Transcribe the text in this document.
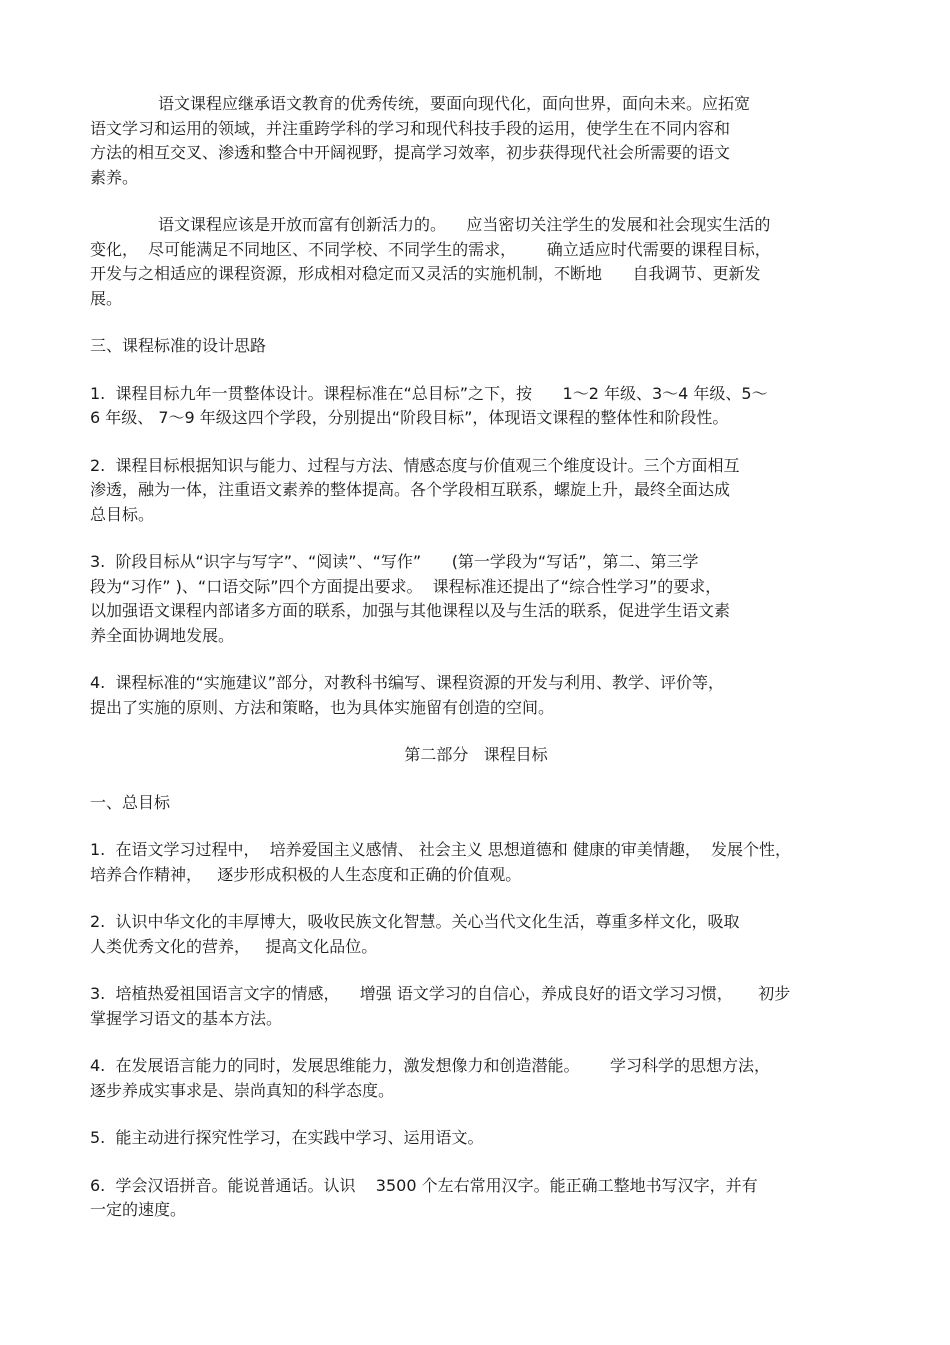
语文课程应继承语文教育的优秀传统，要面向现代化，面向世界，面向未来。应拓宽
语文学习和运用的领域，并注重跨学科的学习和现代科技手段的运用，使学生在不同内容和
方法的相互交叉、渗透和整合中开阔视野，提高学习效率，初步获得现代社会所需要的语文
素养。
语文课程应该是开放而富有创新活力的。    应当密切关注学生的发展和社会现实生活的
变化，  尽可能满足不同地区、不同学校、不同学生的需求，      确立适应时代需要的课程目标，
开发与之相适应的课程资源，形成相对稳定而又灵活的实施机制，不断地      自我调节、更新发
展。
三、课程标准的设计思路
1.  课程目标九年一贯整体设计。课程标准在“总目标”之下，按      1～2 年级、3～4 年级、5～
6 年级、 7～9 年级这四个学段，分别提出“阶段目标”，体现语文课程的整体性和阶段性。
2.  课程目标根据知识与能力、过程与方法、情感态度与价值观三个维度设计。三个方面相互
渗透，融为一体，注重语文素养的整体提高。各个学段相互联系，螺旋上升，最终全面达成
总目标。
3.  阶段目标从“识字与写字”、“阅读”、“写作”      (第一学段为“写话”，第二、第三学
段为“习作” )、“口语交际”四个方面提出要求。  课程标准还提出了“综合性学习”的要求，
以加强语文课程内部诸多方面的联系，加强与其他课程以及与生活的联系，促进学生语文素
养全面协调地发展。
4.  课程标准的“实施建议”部分，对教科书编写、课程资源的开发与利用、教学、评价等，
提出了实施的原则、方法和策略，也为具体实施留有创造的空间。
第二部分   课程目标
一、总目标
1.  在语文学习过程中，  培养爱国主义感情、 社会主义 思想道德和 健康的审美情趣，  发展个性，
培养合作精神，   逐步形成积极的人生态度和正确的价值观。
2.  认识中华文化的丰厚博大，吸收民族文化智慧。关心当代文化生活，尊重多样文化，吸取
人类优秀文化的营养，   提高文化品位。
3.  培植热爱祖国语言文字的情感，    增强 语文学习的自信心，养成良好的语文学习习惯，     初步
掌握学习语文的基本方法。
4.  在发展语言能力的同时，发展思维能力，激发想像力和创造潜能。      学习科学的思想方法，
逐步养成实事求是、崇尚真知的科学态度。
5.  能主动进行探究性学习，在实践中学习、运用语文。
6.  学会汉语拼音。能说普通话。认识    3500 个左右常用汉字。能正确工整地书写汉字，并有
一定的速度。
